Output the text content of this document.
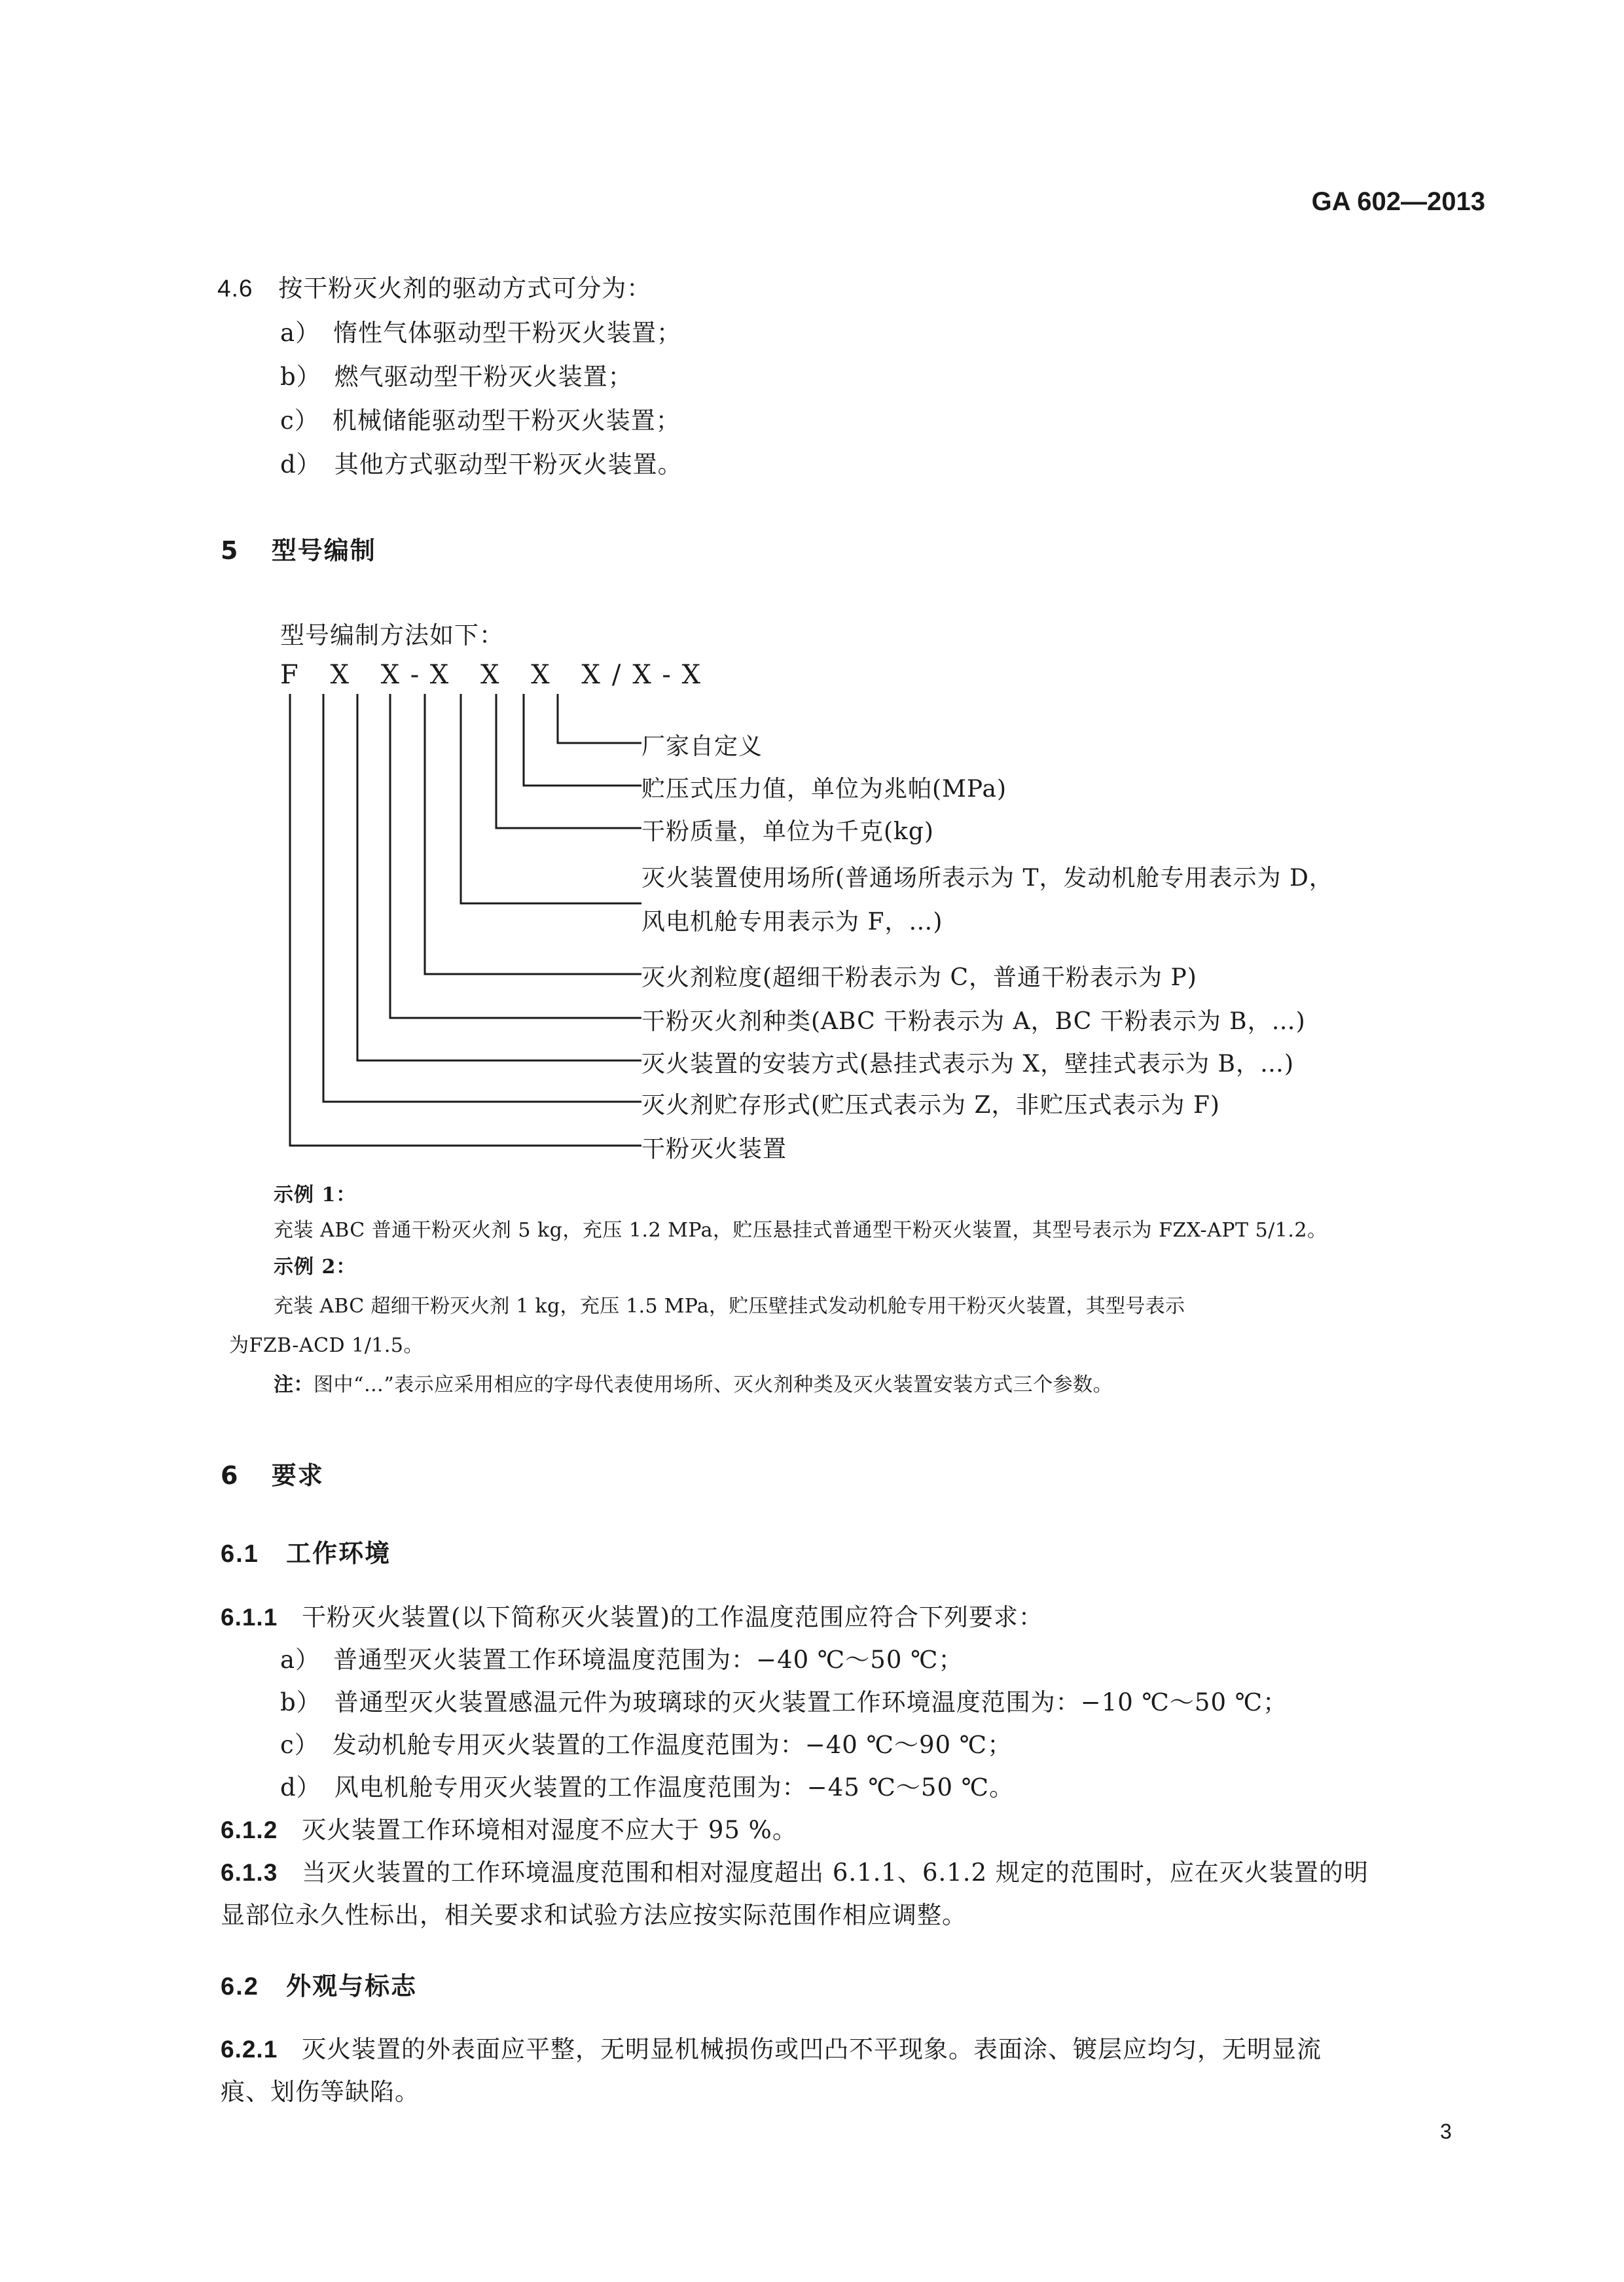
GA 602—2013
4.6 按干粉灭火剂的驱动方式可分为：
a） 惰性气体驱动型干粉灭火装置；
b） 燃气驱动型干粉灭火装置；
c） 机械储能驱动型干粉灭火装置；
d） 其他方式驱动型干粉灭火装置。
5 型号编制
型号编制方法如下：
F X X-X X X X/X-X
厂家自定义
贮压式压力值，单位为兆帕(MPa)
干粉质量，单位为千克(kg)
灭火装置使用场所(普通场所表示为 T，发动机舱专用表示为 D，
风电机舱专用表示为 F，…)
灭火剂粒度(超细干粉表示为 C，普通干粉表示为 P)
干粉灭火剂种类(ABC 干粉表示为 A，BC 干粉表示为 B，…)
灭火装置的安装方式(悬挂式表示为 X，壁挂式表示为 B，…)
灭火剂贮存形式(贮压式表示为 Z，非贮压式表示为 F)
干粉灭火装置
示例 1：
充装 ABC 普通干粉灭火剂 5 kg，充压 1.2 MPa，贮压悬挂式普通型干粉灭火装置，其型号表示为 FZX-APT 5/1.2。
示例 2：
充装 ABC 超细干粉灭火剂 1 kg，充压 1.5 MPa，贮压壁挂式发动机舱专用干粉灭火装置，其型号表示
为FZB-ACD 1/1.5。
注：图中“…”表示应采用相应的字母代表使用场所、灭火剂种类及灭火装置安装方式三个参数。
6 要求
6.1 工作环境
6.1.1 干粉灭火装置(以下简称灭火装置)的工作温度范围应符合下列要求：
a） 普通型灭火装置工作环境温度范围为：−40 ℃～50 ℃；
b） 普通型灭火装置感温元件为玻璃球的灭火装置工作环境温度范围为：−10 ℃～50 ℃；
c） 发动机舱专用灭火装置的工作温度范围为：−40 ℃～90 ℃；
d） 风电机舱专用灭火装置的工作温度范围为：−45 ℃～50 ℃。
6.1.2 灭火装置工作环境相对湿度不应大于 95 %。
6.1.3 当灭火装置的工作环境温度范围和相对湿度超出 6.1.1、6.1.2 规定的范围时，应在灭火装置的明
显部位永久性标出，相关要求和试验方法应按实际范围作相应调整。
6.2 外观与标志
6.2.1 灭火装置的外表面应平整，无明显机械损伤或凹凸不平现象。表面涂、镀层应均匀，无明显流
痕、划伤等缺陷。
3
